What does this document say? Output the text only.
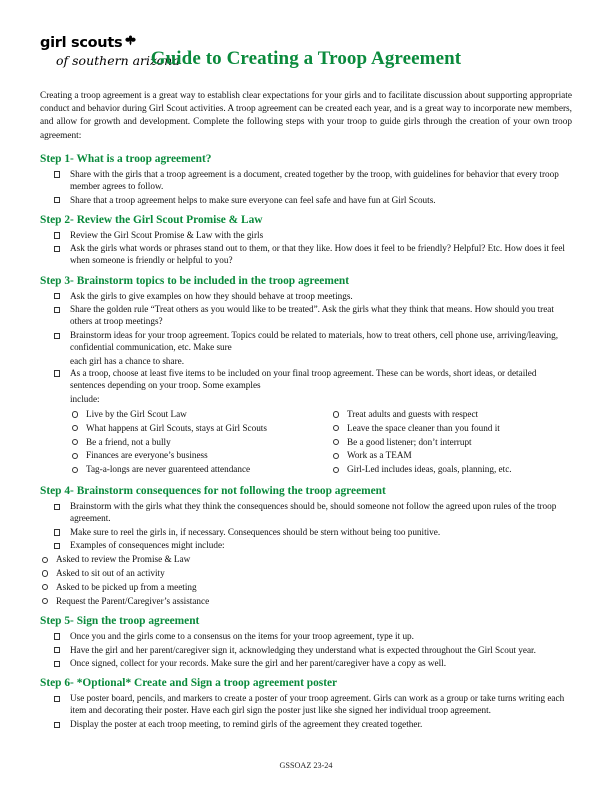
girl scouts
of southern arizona
Guide to Creating a Troop Agreement
Creating a troop agreement is a great way to establish clear expectations for your girls and to facilitate discussion about supporting appropriate conduct and behavior during Girl Scout activities. A troop agreement can be created each year, and is a great way to incorporate new members, and allow for growth and development. Complete the following steps with your troop to guide girls through the creation of your own troop agreement:
Step 1- What is a troop agreement?
Share with the girls that a troop agreement is a document, created together by the troop, with guidelines for behavior that every troop member agrees to follow.
Share that a troop agreement helps to make sure everyone can feel safe and have fun at Girl Scouts.
Step 2- Review the Girl Scout Promise & Law
Review the Girl Scout Promise & Law with the girls
Ask the girls what words or phrases stand out to them, or that they like. How does it feel to be friendly? Helpful? Etc. How does it feel when someone is friendly or helpful to you?
Step 3- Brainstorm topics to be included in the troop agreement
Ask the girls to give examples on how they should behave at troop meetings.
Share the golden rule “Treat others as you would like to be treated”. Ask the girls what they think that means. How should you treat others at troop meetings?
Brainstorm ideas for your troop agreement. Topics could be related to materials, how to treat others, cell phone use, arriving/leaving, confidential communication, etc. Make sure
each girl has a chance to share.
As a troop, choose at least five items to be included on your final troop agreement. These can be words, short ideas, or detailed sentences depending on your troop. Some examples
include:
Live by the Girl Scout Law
What happens at Girl Scouts, stays at Girl Scouts
Be a friend, not a bully
Finances are everyone’s business
Tag-a-longs are never guarenteed attendance
Treat adults and guests with respect
Leave the space cleaner than you found it
Be a good listener; don’t interrupt
Work as a TEAM
Girl-Led includes ideas, goals, planning, etc.
Step 4- Brainstorm consequences for not following the troop agreement
Brainstorm with the girls what they think the consequences should be, should someone not follow the agreed upon rules of the troop agreement.
Make sure to reel the girls in, if necessary. Consequences should be stern without being too punitive.
Examples of consequences might include:
Asked to review the Promise & Law
Asked to sit out of an activity
Asked to be picked up from a meeting
Request the Parent/Caregiver’s assistance
Step 5- Sign the troop agreement
Once you and the girls come to a consensus on the items for your troop agreement, type it up.
Have the girl and her parent/caregiver sign it, acknowledging they understand what is expected throughout the Girl Scout year.
Once signed, collect for your records. Make sure the girl and her parent/caregiver have a copy as well.
Step 6- *Optional* Create and Sign a troop agreement poster
Use poster board, pencils, and markers to create a poster of your troop agreement. Girls can work as a group or take turns writing each item and decorating their poster. Have each girl sign the poster just like she signed her individual troop agreement.
Display the poster at each troop meeting, to remind girls of the agreement they created together.
GSSOAZ 23-24
